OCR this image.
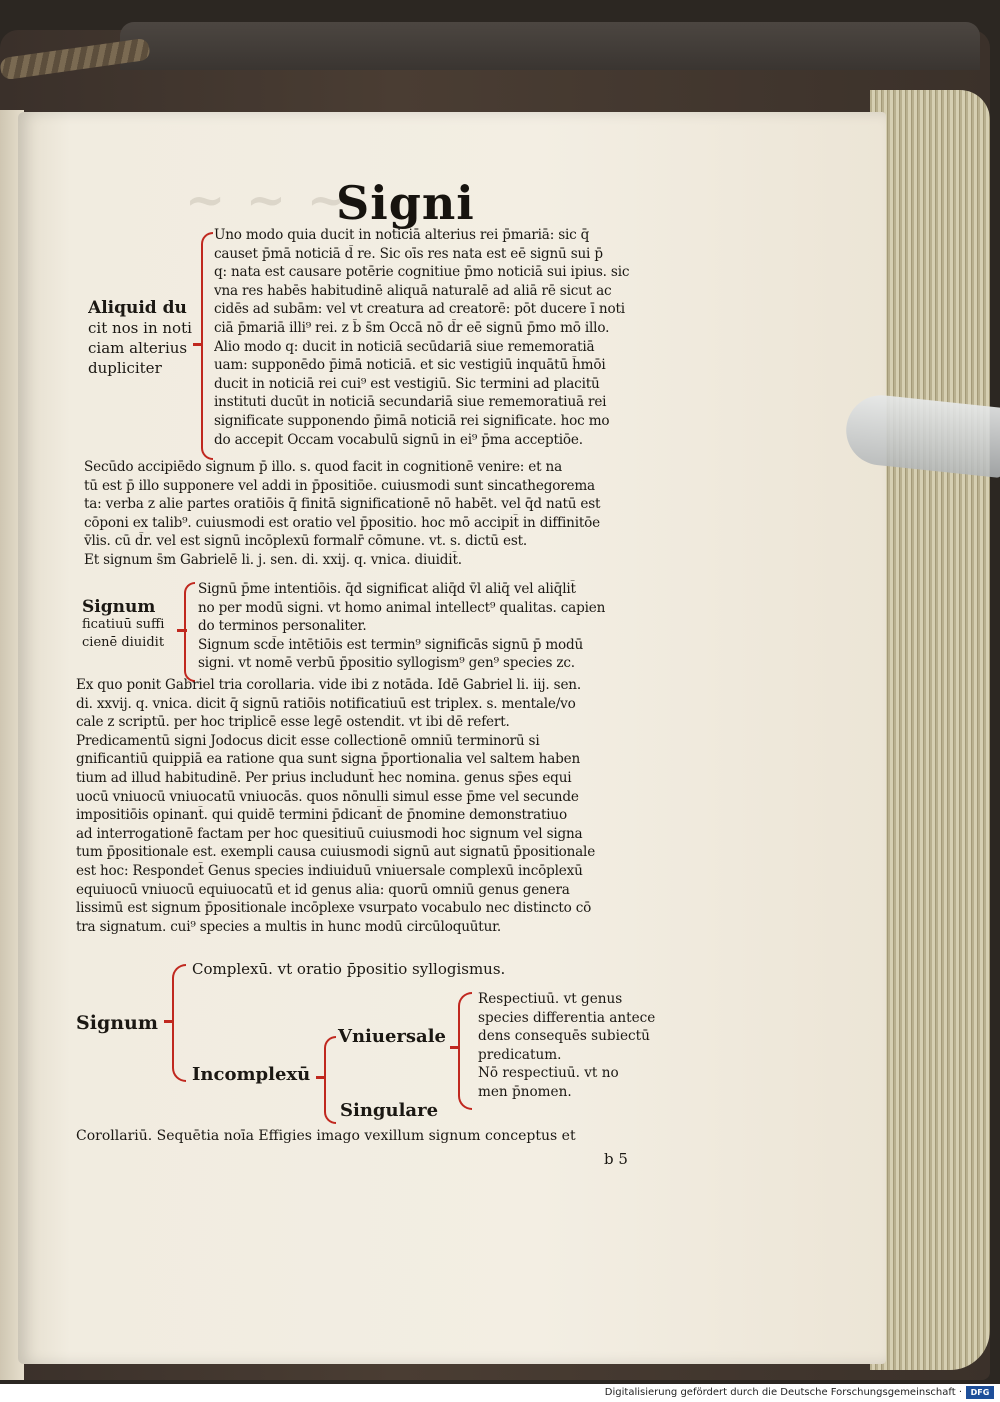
~ ~ ~
Signi
Aliquid du
cit nos in noti
ciam alterius
dupliciter
Uno modo quia ducit in noticiā alterius rei p̄mariā: sic q̄
causet p̄mā noticiā d̄ re. Sic oīs res nata est eē signū sui p̄
q: nata est causare potērie cognitiue p̄mo noticiā sui ipius. sic
vna res habēs habitudinē aliquā naturalē ad aliā rē sicut ac
cidēs ad subām: vel vt creatura ad creatorē: pōt ducere ī noti
ciā p̄mariā illi⁹ rei. z b̄ s̄m Occā nō d̄r eē signū p̄mo mō illo.
Alio modo q: ducit in noticiā secūdariā siue rememoratiā
uam: supponēdo p̄imā noticiā. et sic vestigiū inquātū h̄mōi
ducit in noticiā rei cui⁹ est vestigiū. Sic termini ad placitū
instituti ducūt in noticiā secundariā siue rememoratiuā rei
significate supponendo p̄imā noticiā rei significate. hoc mo
do accepit Occam vocabulū signū in ei⁹ p̄ma acceptiōe.
Secūdo accipiēdo signum p̄ illo. s. quod facit in cognitionē venire: et na
tū est p̄ illo supponere vel addi in p̄positiōe. cuiusmodi sunt sincathegorema
ta: verba z alie partes oratiōis q̄ finitā significationē nō habēt. vel q̄d natū est
cōponi ex talib⁹. cuiusmodi est oratio vel p̄positio. hoc mō accipit̄ in diffinitōe
v̄lis. cū d̄r. vel est signū incōplexū formalr̄ cōmune. vt. s. dictū est.
Et signum s̄m Gabrielē li. j. sen. di. xxij. q. vnica. diuidit̄.
Signum
ficatiuū suffi
cienē diuidit̄
Signū p̄me intentiōis. q̄d significat aliq̄d v̄l aliq̄ vel aliq̄lit̄
no per modū signi. vt homo animal intellect⁹ qualitas. capien
do terminos personaliter.
Signum scd̄e intētiōis est termin⁹ significās signū p̄ modū
signi. vt nomē verbū p̄positio syllogism⁹ gen⁹ species zc.
Ex quo ponit Gabriel tria corollaria. vide ibi z notāda. Idē Gabriel li. iij. sen.
di. xxvij. q. vnica. dicit q̄ signū ratiōis notificatiuū est triplex. s. mentale/vo
cale z scriptū. per hoc triplicē esse legē ostendit. vt ibi dē refert.
Predicamentū signi Jodocus dicit esse collectionē omniū terminorū si
gnificantiū quippiā ea ratione qua sunt signa p̄portionalia vel saltem haben
tium ad illud habitudinē. Per prius includunt̄ hec nomina. genus sp̄es equi
uocū vniuocū vniuocatū vniuocās. quos nōnulli simul esse p̄me vel secunde
impositiōis opinant̄. qui quidē termini p̄dicant̄ de p̄nomine demonstratiuo
ad interrogationē factam per hoc quesitiuū cuiusmodi hoc signum vel signa
tum p̄positionale est. exempli causa cuiusmodi signū aut signatū p̄positionale
est hoc: Respondet̄ Genus species indiuiduū vniuersale complexū incōplexū
equiuocū vniuocū equiuocatū et id genus alia: quorū omniū genus genera
lissimū est signum p̄positionale incōplexe vsurpato vocabulo nec distincto cō
tra signatum. cui⁹ species a multis in hunc modū circūloquūtur.
Signum
Complexū. vt oratio p̄positio syllogismus.
Incomplexū
Vniuersale
Singulare
Respectiuū. vt genus
species differentia antece
dens consequēs subiectū
predicatum.
Nō respectiuū. vt no
men p̄nomen.
Corollariū. Sequētia noīa Effigies imago vexillum signum conceptus et
b 5
Digitalisierung gefördert durch die Deutsche Forschungsgemeinschaft ·	DFG
